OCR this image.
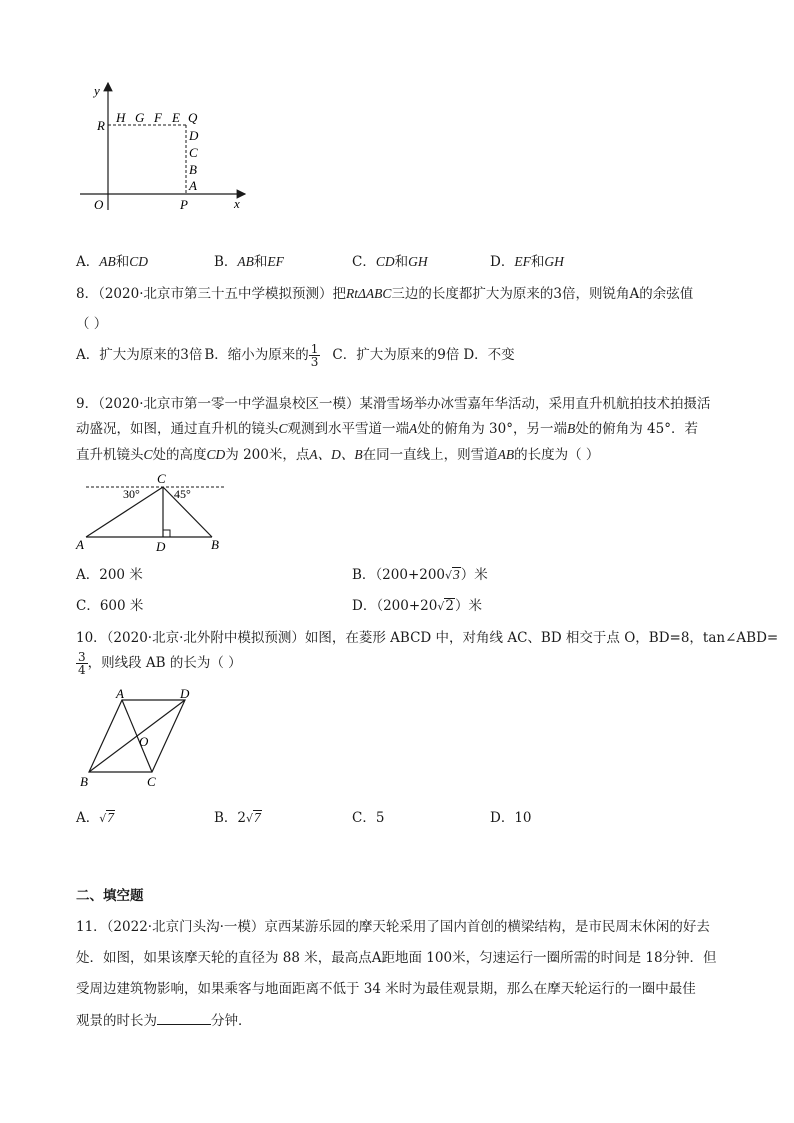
y
x
O
R
P
H G F E Q
D
C
B
A
A．AB和CD	B．AB和EF	C．CD和GH	D．EF和GH
8．（2020·北京市第三十五中学模拟预测）把RtΔABC三边的长度都扩大为原来的3倍，则锐角A的余弦值
（ ）
A．扩大为原来的3倍 B．缩小为原来的 $\frac{1}{3}$ C．扩大为原来的9倍 D．不变
9．（2020·北京市第一零一中学温泉校区一模）某滑雪场举办冰雪嘉年华活动，采用直升机航拍技术拍摄活
动盛况，如图，通过直升机的镜头C观测到水平雪道一端A处的俯角为 30°，另一端B处的俯角为 45°．若
直升机镜头C处的高度CD为 200米，点A、D、B在同一直线上，则雪道AB的长度为（ ）
C
30°	45°
A	D	B
A．200 米	B．（200+200√3）米
C．600 米	D．（200+20√2）米
10．（2020·北京·北外附中模拟预测）如图，在菱形 ABCD 中，对角线 AC、BD 相交于点 O，BD=8，tan∠ABD=
$\frac{3}{4}$ ，则线段 AB 的长为（ ）
A	D
O
B	C
A．√7	B．2√7	C．5	D．10
二、填空题
11．（2022·北京门头沟·一模）京西某游乐园的摩天轮采用了国内首创的横梁结构，是市民周末休闲的好去
处．如图，如果该摩天轮的直径为 88 米，最高点A距地面 100米，匀速运行一圈所需的时间是 18分钟．但
受周边建筑物影响，如果乘客与地面距离不低于 34 米时为最佳观景期，那么在摩天轮运行的一圈中最佳
观景的时长为	分钟．
